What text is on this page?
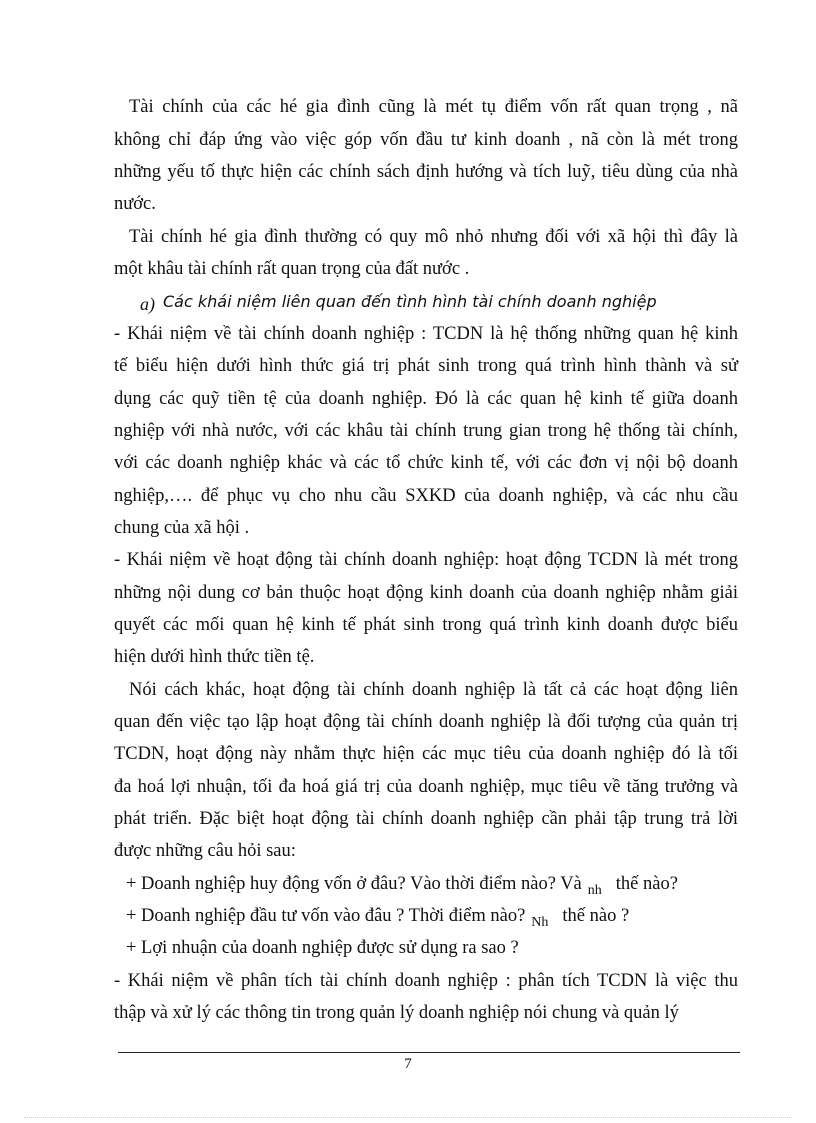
Tài chính của các hé gia đình cũng là mét tụ điểm vốn rất quan trọng , nã
không chỉ đáp ứng vào việc góp vốn đầu tư kinh doanh , nã còn là mét trong
những yếu tố thực hiện các chính sách định hướng và tích luỹ, tiêu dùng của nhà
nước.
Tài chính hé gia đình thường có quy mô nhỏ nhưng đối với xã hội thì đây là
một khâu tài chính rất quan trọng của đất nước .
a) Các khái niệm liên quan đến tình hình tài chính doanh nghiệp
- Khái niệm về tài chính doanh nghiệp : TCDN là hệ thống những quan hệ kinh
tế biểu hiện dưới hình thức giá trị phát sinh trong quá trình hình thành và sử
dụng các quỹ tiền tệ của doanh nghiệp. Đó là các quan hệ kinh tế giữa doanh
nghiệp với nhà nước, với các khâu tài chính trung gian trong hệ thống tài chính,
với các doanh nghiệp khác và các tổ chức kinh tế, với các đơn vị nội bộ doanh
nghiệp,…. để phục vụ cho nhu cầu SXKD của doanh nghiệp, và các nhu cầu
chung của xã hội .
- Khái niệm về hoạt động tài chính doanh nghiệp: hoạt động TCDN là mét trong
những nội dung cơ bản thuộc hoạt động kinh doanh của doanh nghiệp nhằm giải
quyết các mối quan hệ kinh tế phát sinh trong quá trình kinh doanh được biểu
hiện dưới hình thức tiền tệ.
Nói cách khác, hoạt động tài chính doanh nghiệp là tất cả các hoạt động liên
quan đến việc tạo lập hoạt động tài chính doanh nghiệp là đối tượng của quản trị
TCDN, hoạt động này nhằm thực hiện các mục tiêu của doanh nghiệp đó là tối
đa hoá lợi nhuận, tối đa hoá giá trị của doanh nghiệp, mục tiêu về tăng trưởng và
phát triển. Đặc biệt hoạt động tài chính doanh nghiệp cần phải tập trung trả lời
được những câu hỏi sau:
+ Doanh nghiệp huy động vốn ở đâu? Vào thời điểm nào? Và $_{nh}$ thế nào?
+ Doanh nghiệp đầu tư vốn vào đâu ? Thời điểm nào? $_{Nh}$ thế nào ?
+ Lợi nhuận của doanh nghiệp được sử dụng ra sao ?
- Khái niệm về phân tích tài chính doanh nghiệp : phân tích TCDN là việc thu
thập và xử lý các thông tin trong quản lý doanh nghiệp nói chung và quản lý
7
